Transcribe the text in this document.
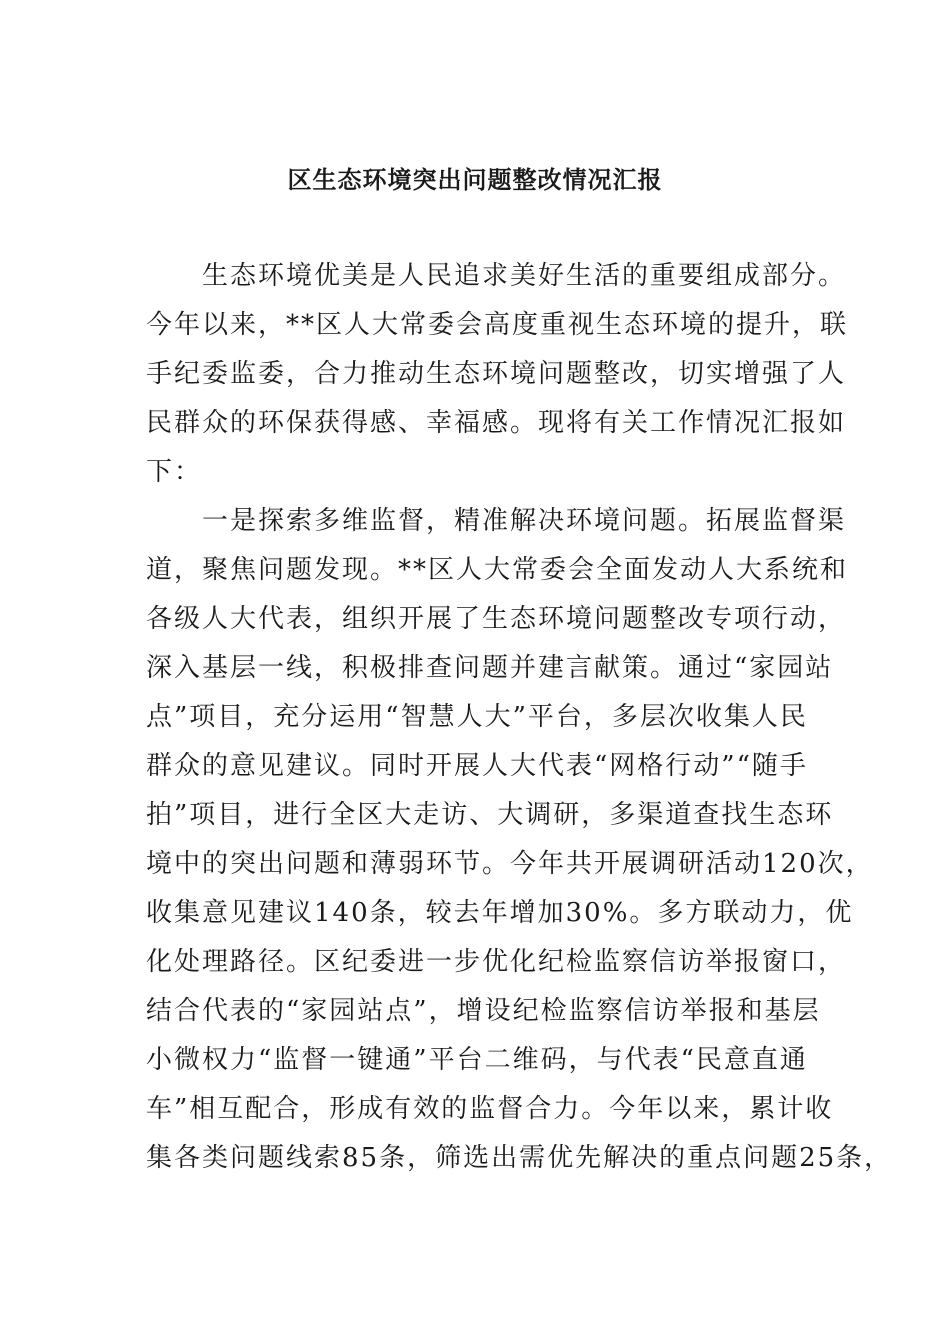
区生态环境突出问题整改情况汇报

生态环境优美是人民追求美好生活的重要组成部分。
今年以来，**区人大常委会高度重视生态环境的提升，联
手纪委监委，合力推动生态环境问题整改，切实增强了人
民群众的环保获得感、幸福感。现将有关工作情况汇报如
下：

一是探索多维监督，精准解决环境问题。拓展监督渠
道，聚焦问题发现。**区人大常委会全面发动人大系统和
各级人大代表，组织开展了生态环境问题整改专项行动，
深入基层一线，积极排查问题并建言献策。通过“家园站
点”项目，充分运用“智慧人大”平台，多层次收集人民
群众的意见建议。同时开展人大代表“网格行动”“随手
拍”项目，进行全区大走访、大调研，多渠道查找生态环
境中的突出问题和薄弱环节。今年共开展调研活动120次，
收集意见建议140条，较去年增加30%。多方联动力，优
化处理路径。区纪委进一步优化纪检监察信访举报窗口，
结合代表的“家园站点”，增设纪检监察信访举报和基层
小微权力“监督一键通”平台二维码，与代表“民意直通
车”相互配合，形成有效的监督合力。今年以来，累计收
集各类问题线索85条，筛选出需优先解决的重点问题25条，
